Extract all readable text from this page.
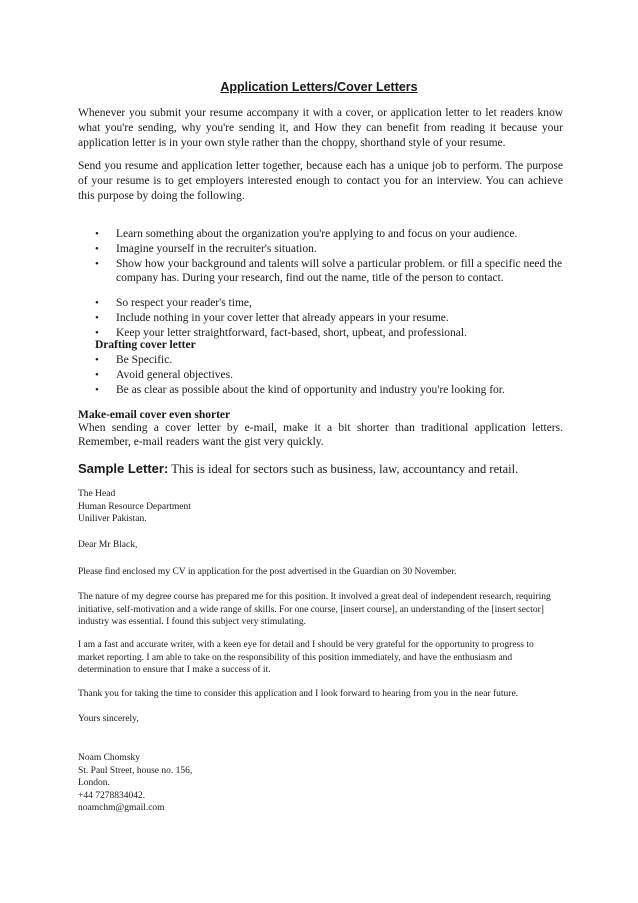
Application Letters/Cover Letters
Whenever you submit your resume accompany it with a cover, or application letter to let readers know what you're sending, why you're sending it, and How they can benefit from reading it because your application letter is in your own style rather than the choppy, shorthand style of your resume.
Send you resume and application letter together, because each has a unique job to perform. The purpose of your resume is to get employers interested enough to contact you for an interview. You can achieve this purpose by doing the following.
• Learn something about the organization you're applying to and focus on your audience.
• Imagine yourself in the recruiter's situation.
• Show how your background and talents will solve a particular problem. or fill a specific need the company has. During your research, find out the name, title of the person to contact.
• So respect your reader's time,
• Include nothing in your cover letter that already appears in your resume.
• Keep your letter straightforward, fact-based, short, upbeat, and professional.
Drafting cover letter
• Be Specific.
• Avoid general objectives.
• Be as clear as possible about the kind of opportunity and industry you're looking for.
Make-email cover even shorter
When sending a cover letter by e-mail, make it a bit shorter than traditional application letters. Remember, e-mail readers want the gist very quickly.
Sample Letter: This is ideal for sectors such as business, law, accountancy and retail.
The Head
Human Resource Department
Uniliver Pakistan.
Dear Mr Black,
Please find enclosed my CV in application for the post advertised in the Guardian on 30 November.
The nature of my degree course has prepared me for this position. It involved a great deal of independent research, requiring
initiative, self-motivation and a wide range of skills. For one course, [insert course], an understanding of the [insert sector]
industry was essential. I found this subject very stimulating.
I am a fast and accurate writer, with a keen eye for detail and I should be very grateful for the opportunity to progress to
market reporting. I am able to take on the responsibility of this position immediately, and have the enthusiasm and
determination to ensure that I make a success of it.
Thank you for taking the time to consider this application and I look forward to hearing from you in the near future.
Yours sincerely,
Noam Chomsky
St. Paul Street, house no. 156,
London.
+44 7278834042.
noamchm@gmail.com
